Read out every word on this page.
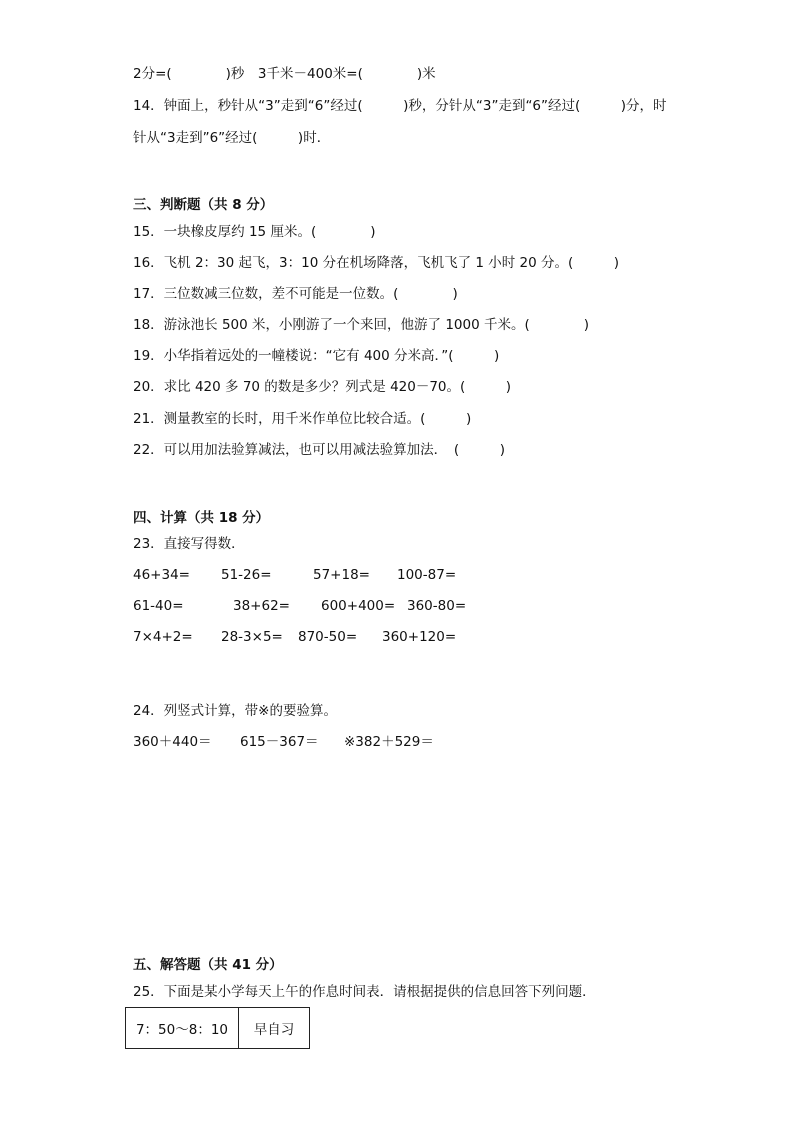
2分=(　　　　)秒　3千米－400米=(　　　　)米
14．钟面上，秒针从“3”走到“6”经过(　　　)秒，分针从“3”走到“6”经过(　　　)分，时
针从“3走到”6”经过(　　　)时．
三、判断题（共 8 分）
15．一块橡皮厚约 15 厘米。(　　　　)
16．飞机 2：30 起飞，3：10 分在机场降落，飞机飞了 1 小时 20 分。(　　　)
17．三位数减三位数，差不可能是一位数。(　　　　)
18．游泳池长 500 米，小刚游了一个来回，他游了 1000 千米。(　　　　)
19．小华指着远处的一幢楼说：“它有 400 分米高．”(　　　)
20．求比 420 多 70 的数是多少？列式是 420－70。(　　　)
21．测量教室的长时，用千米作单位比较合适。(　　　)
22．可以用加法验算减法，也可以用减法验算加法．　(　　　)
四、计算（共 18 分）
23．直接写得数．
46+34= 51-26=	57+18= 100-87=
61-40=	38+62= 600+400= 360-80=
7×4+2= 28-3×5= 870-50= 360+120=
24．列竖式计算，带※的要验算。
360＋440＝ 615－367＝ ※382＋529＝
五、解答题（共 41 分）
25．下面是某小学每天上午的作息时间表．请根据提供的信息回答下列问题．
7：50～8：10	早自习
